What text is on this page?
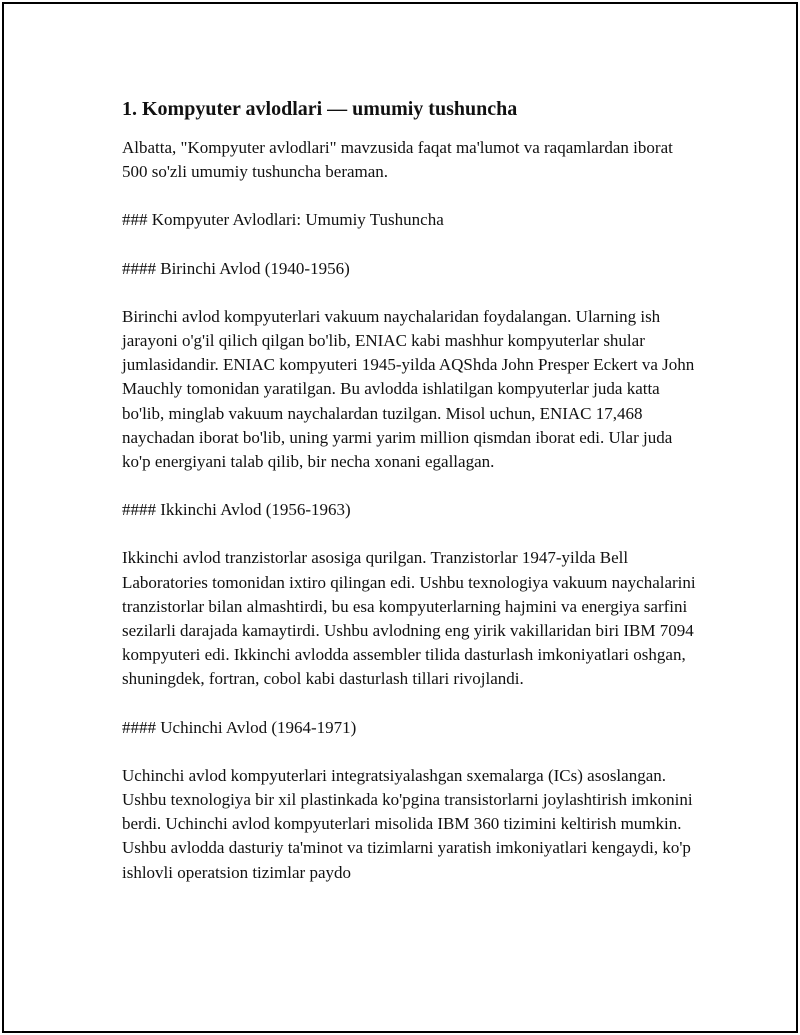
1. Kompyuter avlodlari — umumiy tushuncha

Albatta, "Kompyuter avlodlari" mavzusida faqat ma'lumot va raqamlardan iborat 500 so'zli umumiy tushuncha beraman.

### Kompyuter Avlodlari: Umumiy Tushuncha

#### Birinchi Avlod (1940-1956)

Birinchi avlod kompyuterlari vakuum naychalaridan foydalangan. Ularning ish jarayoni o'g'il qilich qilgan bo'lib, ENIAC kabi mashhur kompyuterlar shular jumlasidandir. ENIAC kompyuteri 1945-yilda AQShda John Presper Eckert va John Mauchly tomonidan yaratilgan. Bu avlodda ishlatilgan kompyuterlar juda katta bo'lib, minglab vakuum naychalardan tuzilgan. Misol uchun, ENIAC 17,468 naychadan iborat bo'lib, uning yarmi yarim million qismdan iborat edi. Ular juda ko'p energiyani talab qilib, bir necha xonani egallagan.

#### Ikkinchi Avlod (1956-1963)

Ikkinchi avlod tranzistorlar asosiga qurilgan. Tranzistorlar 1947-yilda Bell Laboratories tomonidan ixtiro qilingan edi. Ushbu texnologiya vakuum naychalarini tranzistorlar bilan almashtirdi, bu esa kompyuterlarning hajmini va energiya sarfini sezilarli darajada kamaytirdi. Ushbu avlodning eng yirik vakillaridan biri IBM 7094 kompyuteri edi. Ikkinchi avlodda assembler tilida dasturlash imkoniyatlari oshgan, shuningdek, fortran, cobol kabi dasturlash tillari rivojlandi.

#### Uchinchi Avlod (1964-1971)

Uchinchi avlod kompyuterlari integratsiyalashgan sxemalarga (ICs) asoslangan. Ushbu texnologiya bir xil plastinkada ko'pgina transistorlarni joylashtirish imkonini berdi. Uchinchi avlod kompyuterlari misolida IBM 360 tizimini keltirish mumkin. Ushbu avlodda dasturiy ta'minot va tizimlarni yaratish imkoniyatlari kengaydi, ko'p ishlovli operatsion tizimlar paydo
